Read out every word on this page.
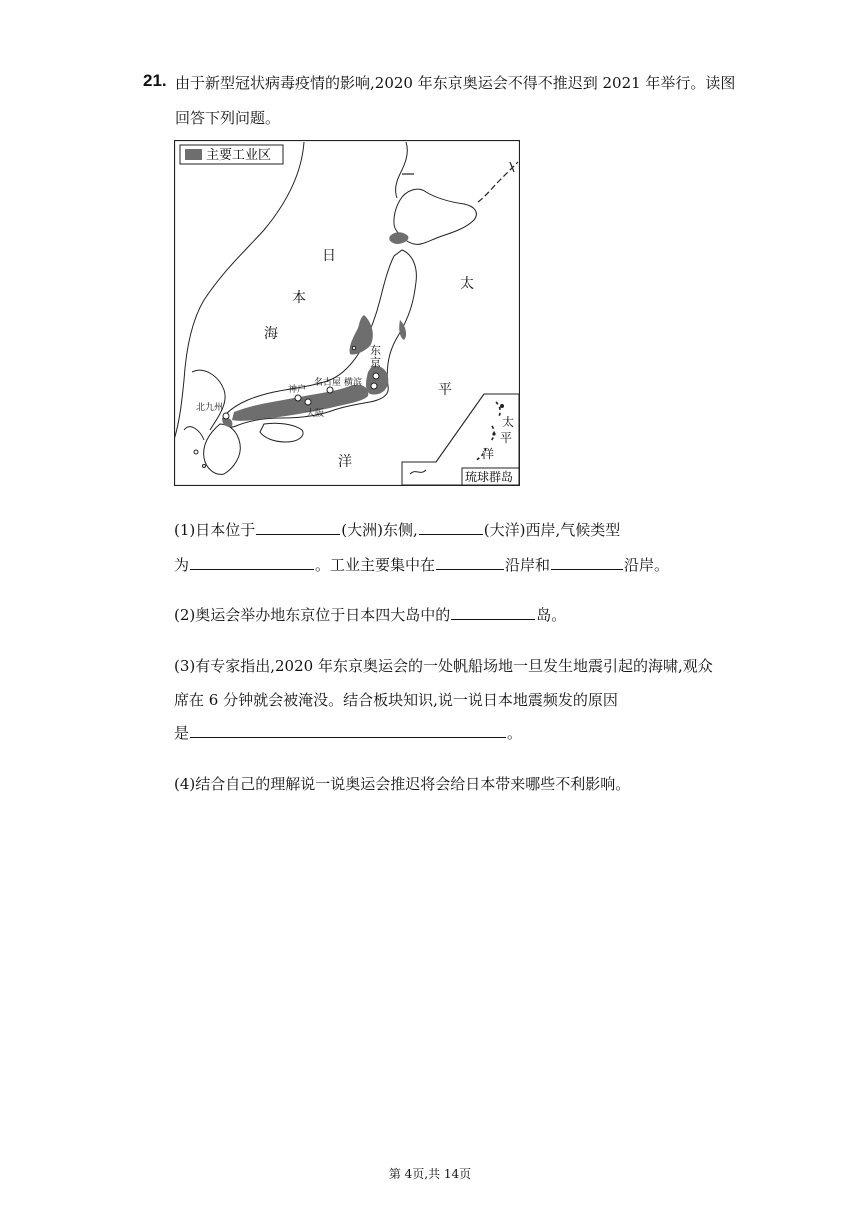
21. 由于新型冠状病毒疫情的影响,2020 年东京奥运会不得不推迟到 2021 年举行。读图
回答下列问题。
主要工业区
日
本
海
太
平
洋
东
京
名古屋 横滨
神户
大阪
北九州
太
平
洋
琉球群岛
(1)日本位于	(大洲)东侧,	(大洋)西岸,气候类型
为	。工业主要集中在	沿岸和	沿岸。
(2)奥运会举办地东京位于日本四大岛中的	岛。
(3)有专家指出,2020 年东京奥运会的一处帆船场地一旦发生地震引起的海啸,观众
席在 6 分钟就会被淹没。结合板块知识,说一说日本地震频发的原因
是	。
(4)结合自己的理解说一说奥运会推迟将会给日本带来哪些不利影响。
第 4页,共 14页
